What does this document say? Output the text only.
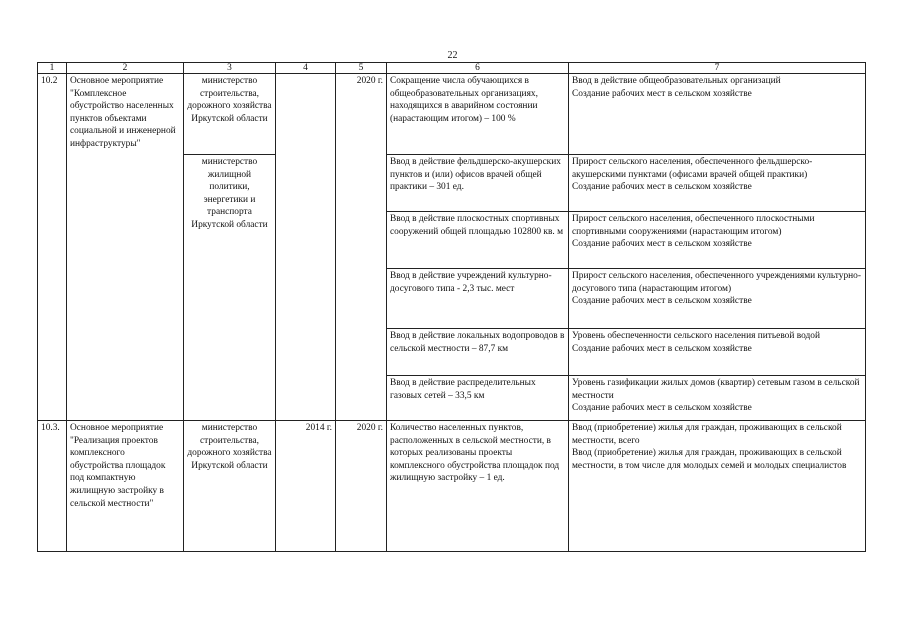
22
1	2	3	4	5	6	7
10.2	Основное мероприятие "Комплексное обустройство населенных пунктов объектами социальной и инженерной инфраструктуры"	министерство строительства, дорожного хозяйства Иркутской области		2020 г.	Сокращение числа обучающихся в общеобразовательных организациях, находящихся в аварийном состоянии (нарастающим итогом) – 100 %	Ввод в действие общеобразовательных организаций
Создание рабочих мест в сельском хозяйстве

		министерство жилищной политики, энергетики и транспорта Иркутской области			Ввод в действие фельдшерско-акушерских пунктов и (или) офисов врачей общей практики – 301 ед.	Прирост сельского населения, обеспеченного фельдшерско-акушерскими пунктами (офисами врачей общей практики)
Создание рабочих мест в сельском хозяйстве

					Ввод в действие плоскостных спортивных сооружений общей площадью 102800 кв. м	Прирост сельского населения, обеспеченного плоскостными спортивными сооружениями (нарастающим итогом)
Создание рабочих мест в сельском хозяйстве

					Ввод в действие учреждений культурно-досугового типа - 2,3 тыс. мест	Прирост сельского населения, обеспеченного учреждениями культурно-досугового типа (нарастающим итогом)
Создание рабочих мест в сельском хозяйстве

					Ввод в действие локальных водопроводов в сельской местности – 87,7 км	Уровень обеспеченности сельского населения питьевой водой
Создание рабочих мест в сельском хозяйстве

					Ввод в действие распределительных газовых сетей – 33,5 км	Уровень газификации жилых домов (квартир) сетевым газом в сельской местности
Создание рабочих мест в сельском хозяйстве

10.3.	Основное мероприятие "Реализация проектов комплексного обустройства площадок под компактную жилищную застройку в сельской местности"	министерство строительства, дорожного хозяйства Иркутской области	2014 г.	2020 г.	Количество населенных пунктов, расположенных в сельской местности, в которых реализованы проекты комплексного обустройства площадок под жилищную застройку – 1 ед.	Ввод (приобретение) жилья для граждан, проживающих в сельской местности, всего
Ввод (приобретение) жилья для граждан, проживающих в сельской местности, в том числе для молодых семей и молодых специалистов
